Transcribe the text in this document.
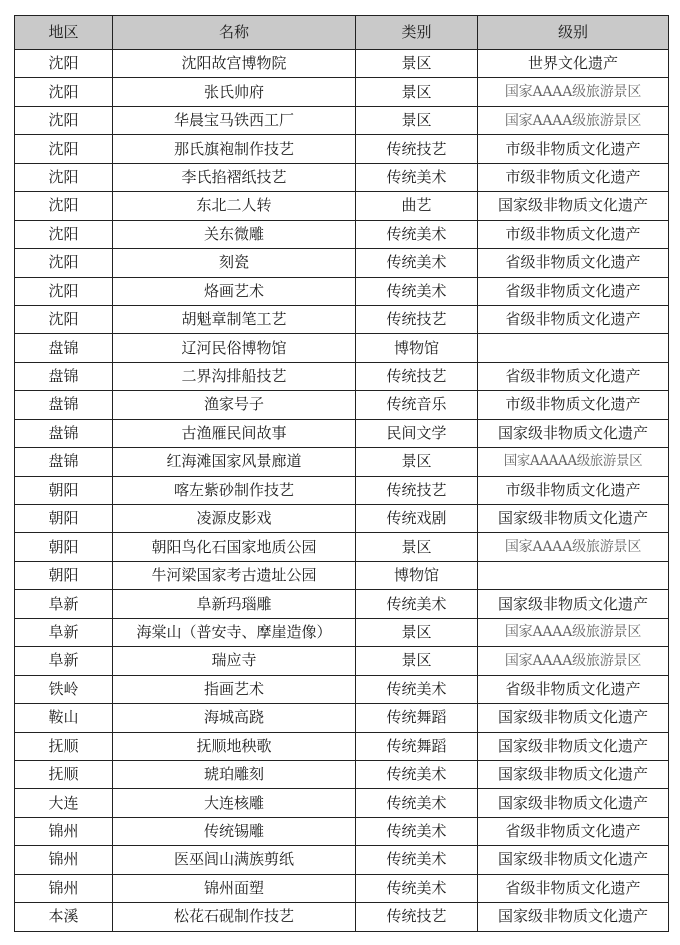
地区	名称	类别	级别
沈阳	沈阳故宫博物院	景区	世界文化遗产
沈阳	张氏帅府	景区	国家AAAA级旅游景区
沈阳	华晨宝马铁西工厂	景区	国家AAAA级旅游景区
沈阳	那氏旗袍制作技艺	传统技艺	市级非物质文化遗产
沈阳	李氏掐褶纸技艺	传统美术	市级非物质文化遗产
沈阳	东北二人转	曲艺	国家级非物质文化遗产
沈阳	关东微雕	传统美术	市级非物质文化遗产
沈阳	刻瓷	传统美术	省级非物质文化遗产
沈阳	烙画艺术	传统美术	省级非物质文化遗产
沈阳	胡魁章制笔工艺	传统技艺	省级非物质文化遗产
盘锦	辽河民俗博物馆	博物馆	
盘锦	二界沟排船技艺	传统技艺	省级非物质文化遗产
盘锦	渔家号子	传统音乐	市级非物质文化遗产
盘锦	古渔雁民间故事	民间文学	国家级非物质文化遗产
盘锦	红海滩国家风景廊道	景区	国家AAAAA级旅游景区
朝阳	喀左紫砂制作技艺	传统技艺	市级非物质文化遗产
朝阳	凌源皮影戏	传统戏剧	国家级非物质文化遗产
朝阳	朝阳鸟化石国家地质公园	景区	国家AAAA级旅游景区
朝阳	牛河梁国家考古遗址公园	博物馆	
阜新	阜新玛瑙雕	传统美术	国家级非物质文化遗产
阜新	海棠山（普安寺、摩崖造像）	景区	国家AAAA级旅游景区
阜新	瑞应寺	景区	国家AAAA级旅游景区
铁岭	指画艺术	传统美术	省级非物质文化遗产
鞍山	海城高跷	传统舞蹈	国家级非物质文化遗产
抚顺	抚顺地秧歌	传统舞蹈	国家级非物质文化遗产
抚顺	琥珀雕刻	传统美术	国家级非物质文化遗产
大连	大连核雕	传统美术	国家级非物质文化遗产
锦州	传统锡雕	传统美术	省级非物质文化遗产
锦州	医巫闾山满族剪纸	传统美术	国家级非物质文化遗产
锦州	锦州面塑	传统美术	省级非物质文化遗产
本溪	松花石砚制作技艺	传统技艺	国家级非物质文化遗产
